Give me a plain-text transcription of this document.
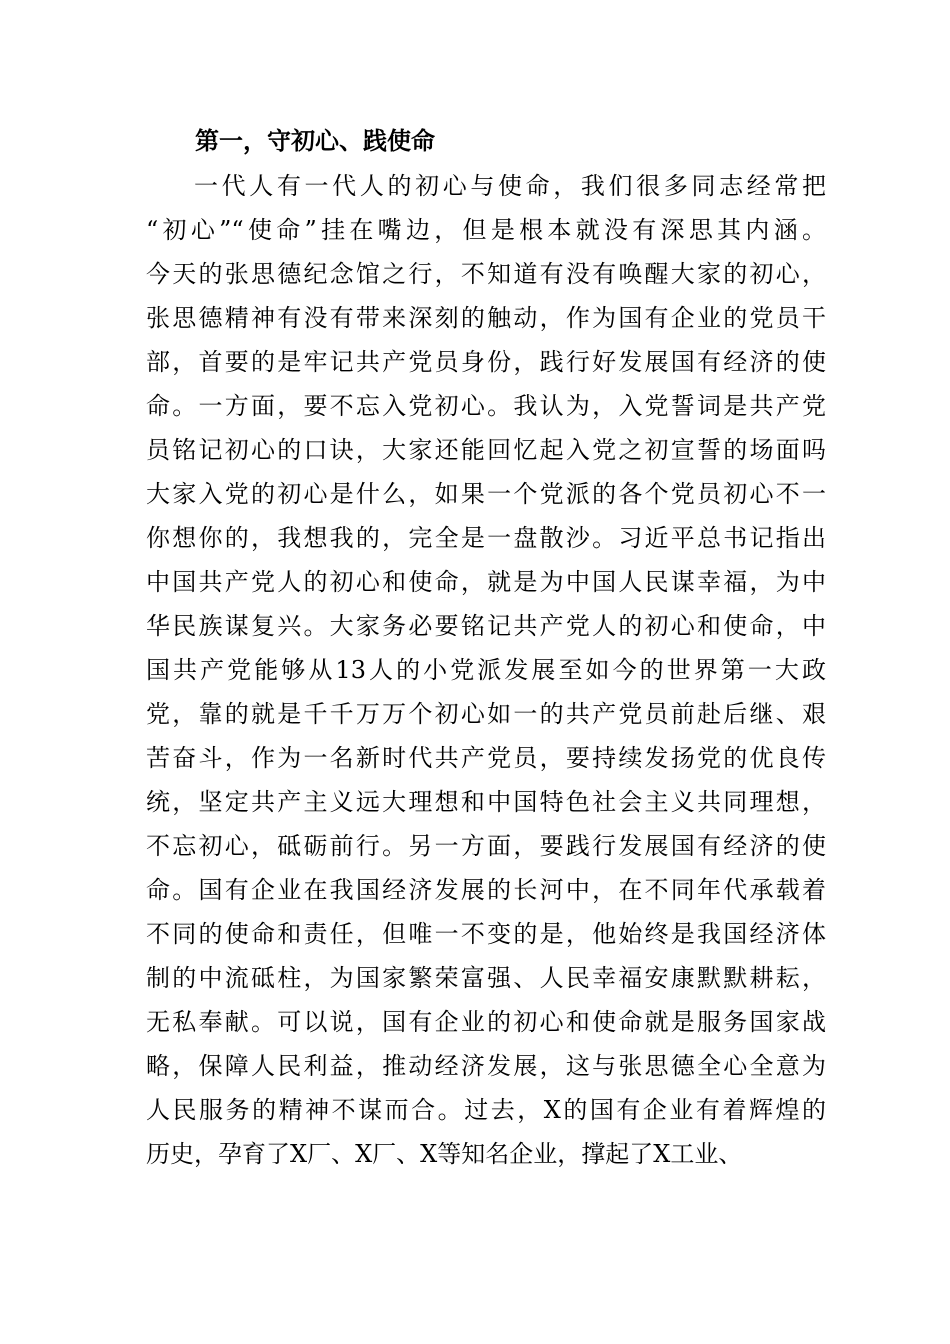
第一，守初心、践使命
一代人有一代人的初心与使命，我们很多同志经常把
“初心”“使命”挂在嘴边，但是根本就没有深思其内涵。
今天的张思德纪念馆之行，不知道有没有唤醒大家的初心，
张思德精神有没有带来深刻的触动，作为国有企业的党员干
部，首要的是牢记共产党员身份，践行好发展国有经济的使
命。一方面，要不忘入党初心。我认为，入党誓词是共产党
员铭记初心的口诀，大家还能回忆起入党之初宣誓的场面吗
大家入党的初心是什么，如果一个党派的各个党员初心不一
你想你的，我想我的，完全是一盘散沙。习近平总书记指出
中国共产党人的初心和使命，就是为中国人民谋幸福，为中
华民族谋复兴。大家务必要铭记共产党人的初心和使命，中
国共产党能够从13人的小党派发展至如今的世界第一大政
党，靠的就是千千万万个初心如一的共产党员前赴后继、艰
苦奋斗，作为一名新时代共产党员，要持续发扬党的优良传
统，坚定共产主义远大理想和中国特色社会主义共同理想，
不忘初心，砥砺前行。另一方面，要践行发展国有经济的使
命。国有企业在我国经济发展的长河中，在不同年代承载着
不同的使命和责任，但唯一不变的是，他始终是我国经济体
制的中流砥柱，为国家繁荣富强、人民幸福安康默默耕耘，
无私奉献。可以说，国有企业的初心和使命就是服务国家战
略，保障人民利益，推动经济发展，这与张思德全心全意为
人民服务的精神不谋而合。过去，X的国有企业有着辉煌的
历史，孕育了X厂、X厂、X等知名企业，撑起了X工业、
